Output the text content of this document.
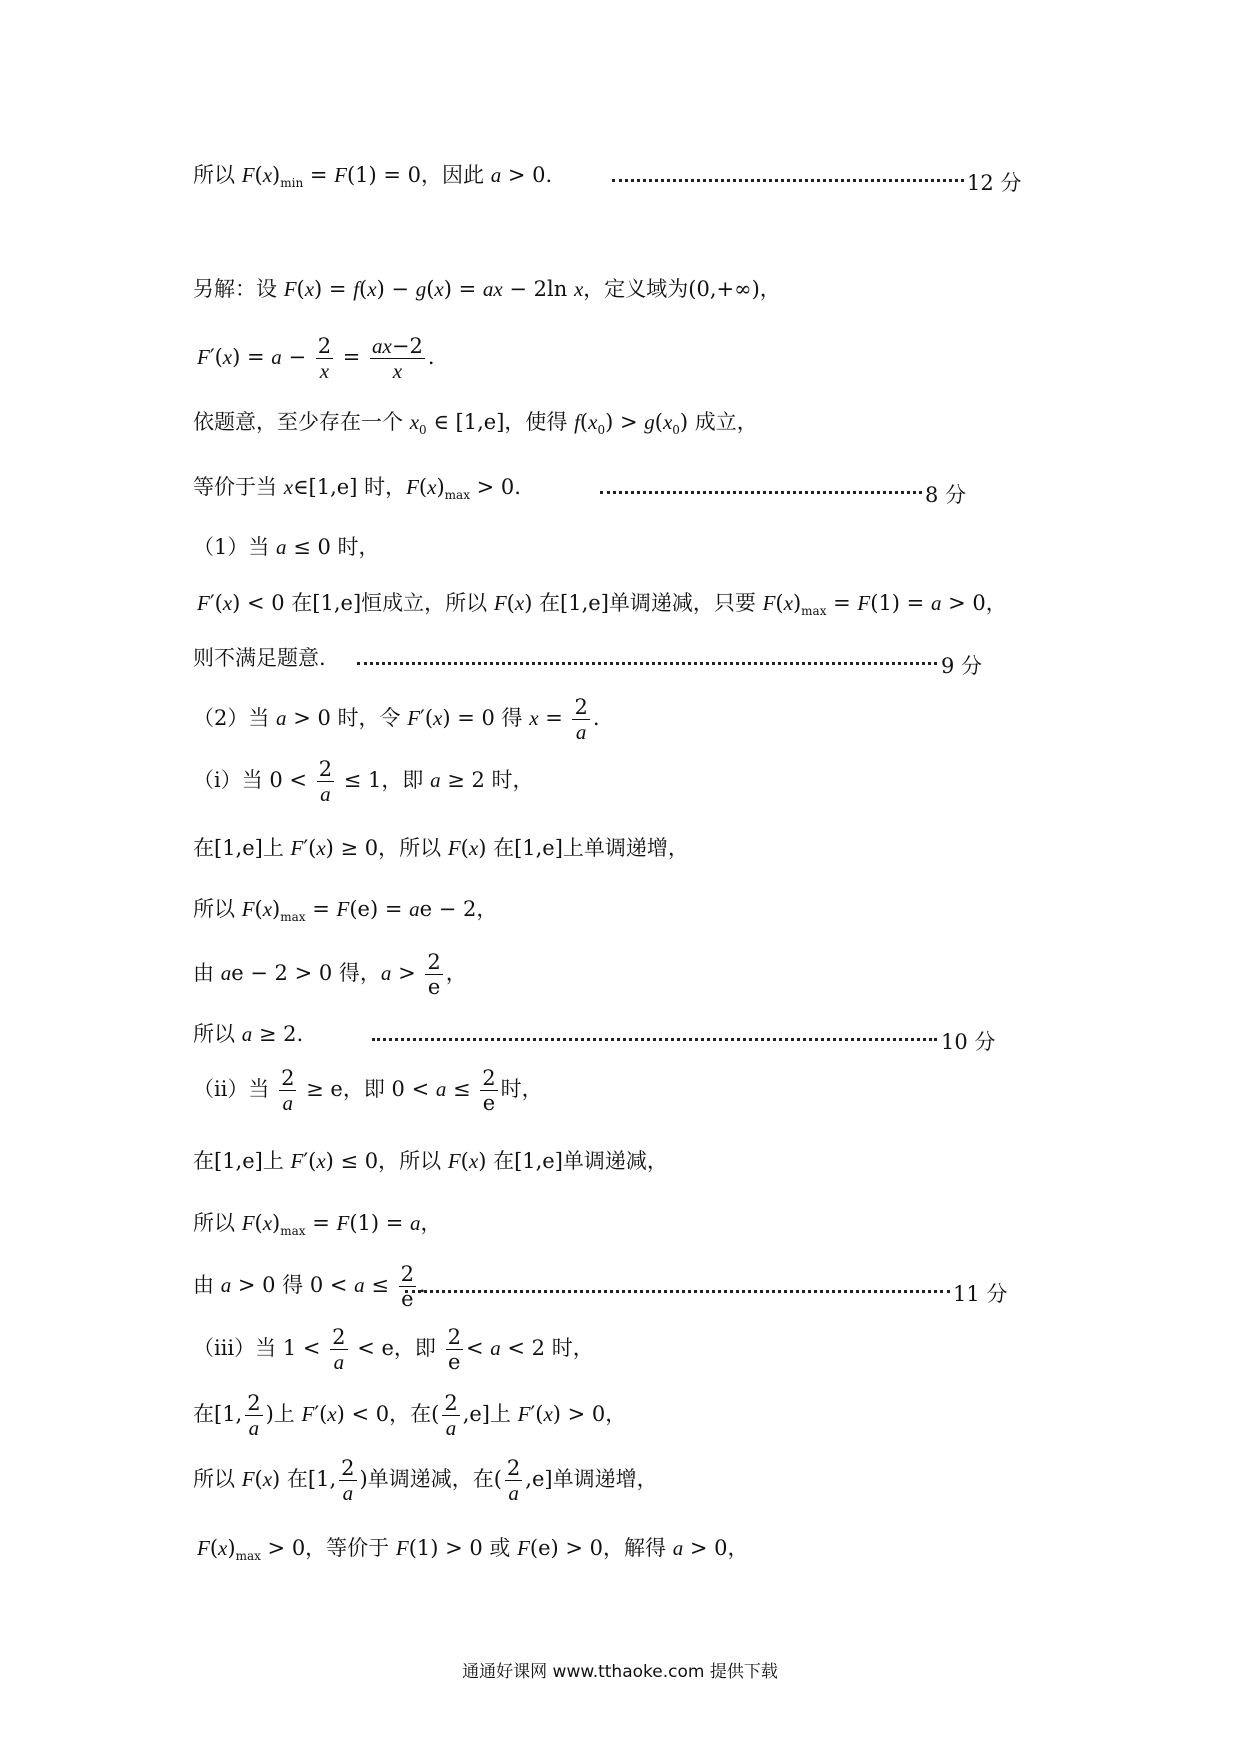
所以 $F(x)_{min} = F(1) = 0$，因此 a > 0.	12 分
另解：设 F(x) = f(x) − g(x) = ax − 2ln x，定义域为(0,+∞)，
$F'(x) = a - \frac{2}{x} = \frac{ax-2}{x}$ .
依题意，至少存在一个 $x_0$ ∈ [1,e]，使得 $f(x_0) > g(x_0)$ 成立，
等价于当 x∈[1,e] 时，$F(x)_{max} > 0$.	8 分
（1）当 a ≤ 0 时，
F′(x) < 0 在[1,e]恒成立，所以 F(x) 在[1,e]单调递减，只要 $F(x)_{max} = F(1) = a > 0$，
则不满足题意.	9 分
（2）当 a > 0 时，令 F′(x) = 0 得 $x = \frac{2}{a}$ .
（ⅰ）当 $0 < \frac{2}{a} \le 1$，即 a ≥ 2 时，
在[1,e]上 F′(x) ≥ 0，所以 F(x) 在[1,e]上单调递增，
所以 $F(x)_{max} = F(e)$ = ae − 2，
由 ae − 2 > 0 得，$a > \frac{2}{e}$ ，
所以 a ≥ 2.	10 分
（ⅱ）当 $\frac{2}{a} \ge e$，即 $0 < a \le \frac{2}{e}$ 时，
在[1,e]上 F′(x) ≤ 0，所以 F(x) 在[1,e]单调递减，
所以 $F(x)_{max} = F(1) = a$，
由 a > 0 得 $0 < a \le \frac{2}{e}$ .	11 分
（ⅲ）当 $1 < \frac{2}{a} < e$，即 $\frac{2}{e} < a < 2$ 时，
在[1, $\frac{2}{a}$ )上 F′(x) < 0，在( $\frac{2}{a} ,e$]上 F′(x) > 0，
所以 F(x) 在[1, $\frac{2}{a}$ )单调递减，在( $\frac{2}{a} ,e$]单调递增，
$F(x)_{max} > 0$，等价于 F(1) > 0 或 F(e) > 0，解得 a > 0，
通通好课网 www.tthaoke.com 提供下载
